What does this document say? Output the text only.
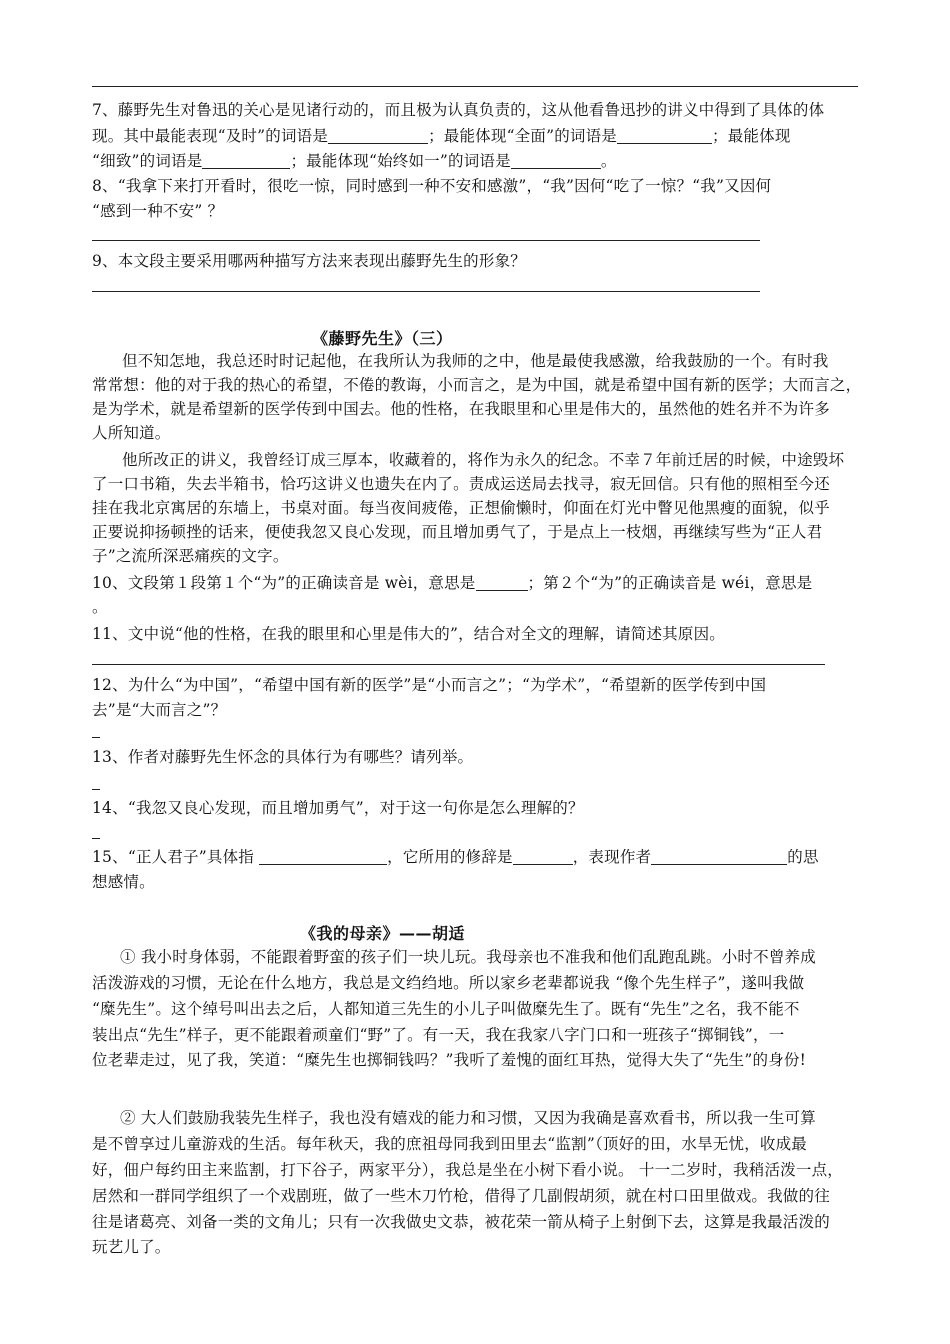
7、藤野先生对鲁迅的关心是见诸行动的，而且极为认真负责的，这从他看鲁迅抄的讲义中得到了具体的体
现。其中最能表现“及时”的词语是	；最能体现“全面”的词语是	；最能体现
“细致”的词语是	；最能体现“始终如一”的词语是	。
8、“我拿下来打开看时，很吃一惊，同时感到一种不安和感激”，“我”因何“吃了一惊？“我”又因何
“感到一种不安” ？
9、本文段主要采用哪两种描写方法来表现出藤野先生的形象？
《藤野先生》（三）
但不知怎地，我总还时时记起他，在我所认为我师的之中，他是最使我感激，给我鼓励的一个。有时我
常常想：他的对于我的热心的希望，不倦的教诲，小而言之，是为中国，就是希望中国有新的医学；大而言之，
是为学术，就是希望新的医学传到中国去。他的性格，在我眼里和心里是伟大的，虽然他的姓名并不为许多
人所知道。
他所改正的讲义，我曾经订成三厚本，收藏着的，将作为永久的纪念。不幸７年前迁居的时候，中途毁坏
了一口书箱，失去半箱书，恰巧这讲义也遗失在内了。责成运送局去找寻，寂无回信。只有他的照相至今还
挂在我北京寓居的东墙上，书桌对面。每当夜间疲倦，正想偷懒时，仰面在灯光中瞥见他黑瘦的面貌，似乎
正要说抑扬顿挫的话来，便使我忽又良心发现，而且增加勇气了，于是点上一枝烟，再继续写些为“正人君
子”之流所深恶痛疾的文字。
10、文段第１段第１个“为”的正确读音是 wèi，意思是	；第２个“为”的正确读音是 wéi，意思是
。
11、文中说“他的性格，在我的眼里和心里是伟大的”，结合对全文的理解，请简述其原因。
12、为什么“为中国”，“希望中国有新的医学”是“小而言之”；“为学术”，“希望新的医学传到中国
去”是“大而言之”？
13、作者对藤野先生怀念的具体行为有哪些？请列举。
14、“我忽又良心发现，而且增加勇气”，对于这一句你是怎么理解的？
15、“正人君子”具体指	，它所用的修辞是	，表现作者	的思
想感情。
《我的母亲》——胡适
① 我小时身体弱，不能跟着野蛮的孩子们一块儿玩。我母亲也不准我和他们乱跑乱跳。小时不曾养成
活泼游戏的习惯，无论在什么地方，我总是文绉绉地。所以家乡老辈都说我 “像个先生样子”，遂叫我做
“糜先生”。这个绰号叫出去之后，人都知道三先生的小儿子叫做糜先生了。既有“先生”之名，我不能不
装出点“先生”样子，更不能跟着顽童们“野”了。有一天，我在我家八字门口和一班孩子“掷铜钱”，一
位老辈走过，见了我，笑道：“糜先生也掷铜钱吗？”我听了羞愧的面红耳热，觉得大失了“先生”的身份!
② 大人们鼓励我装先生样子，我也没有嬉戏的能力和习惯，又因为我确是喜欢看书，所以我一生可算
是不曾享过儿童游戏的生活。每年秋天，我的庶祖母同我到田里去“监割”（顶好的田，水旱无忧，收成最
好，佃户每约田主来监割，打下谷子，两家平分），我总是坐在小树下看小说。 十一二岁时，我稍活泼一点，
居然和一群同学组织了一个戏剧班，做了一些木刀竹枪，借得了几副假胡须，就在村口田里做戏。我做的往
往是诸葛亮、刘备一类的文角儿；只有一次我做史文恭，被花荣一箭从椅子上射倒下去，这算是我最活泼的
玩艺儿了。
